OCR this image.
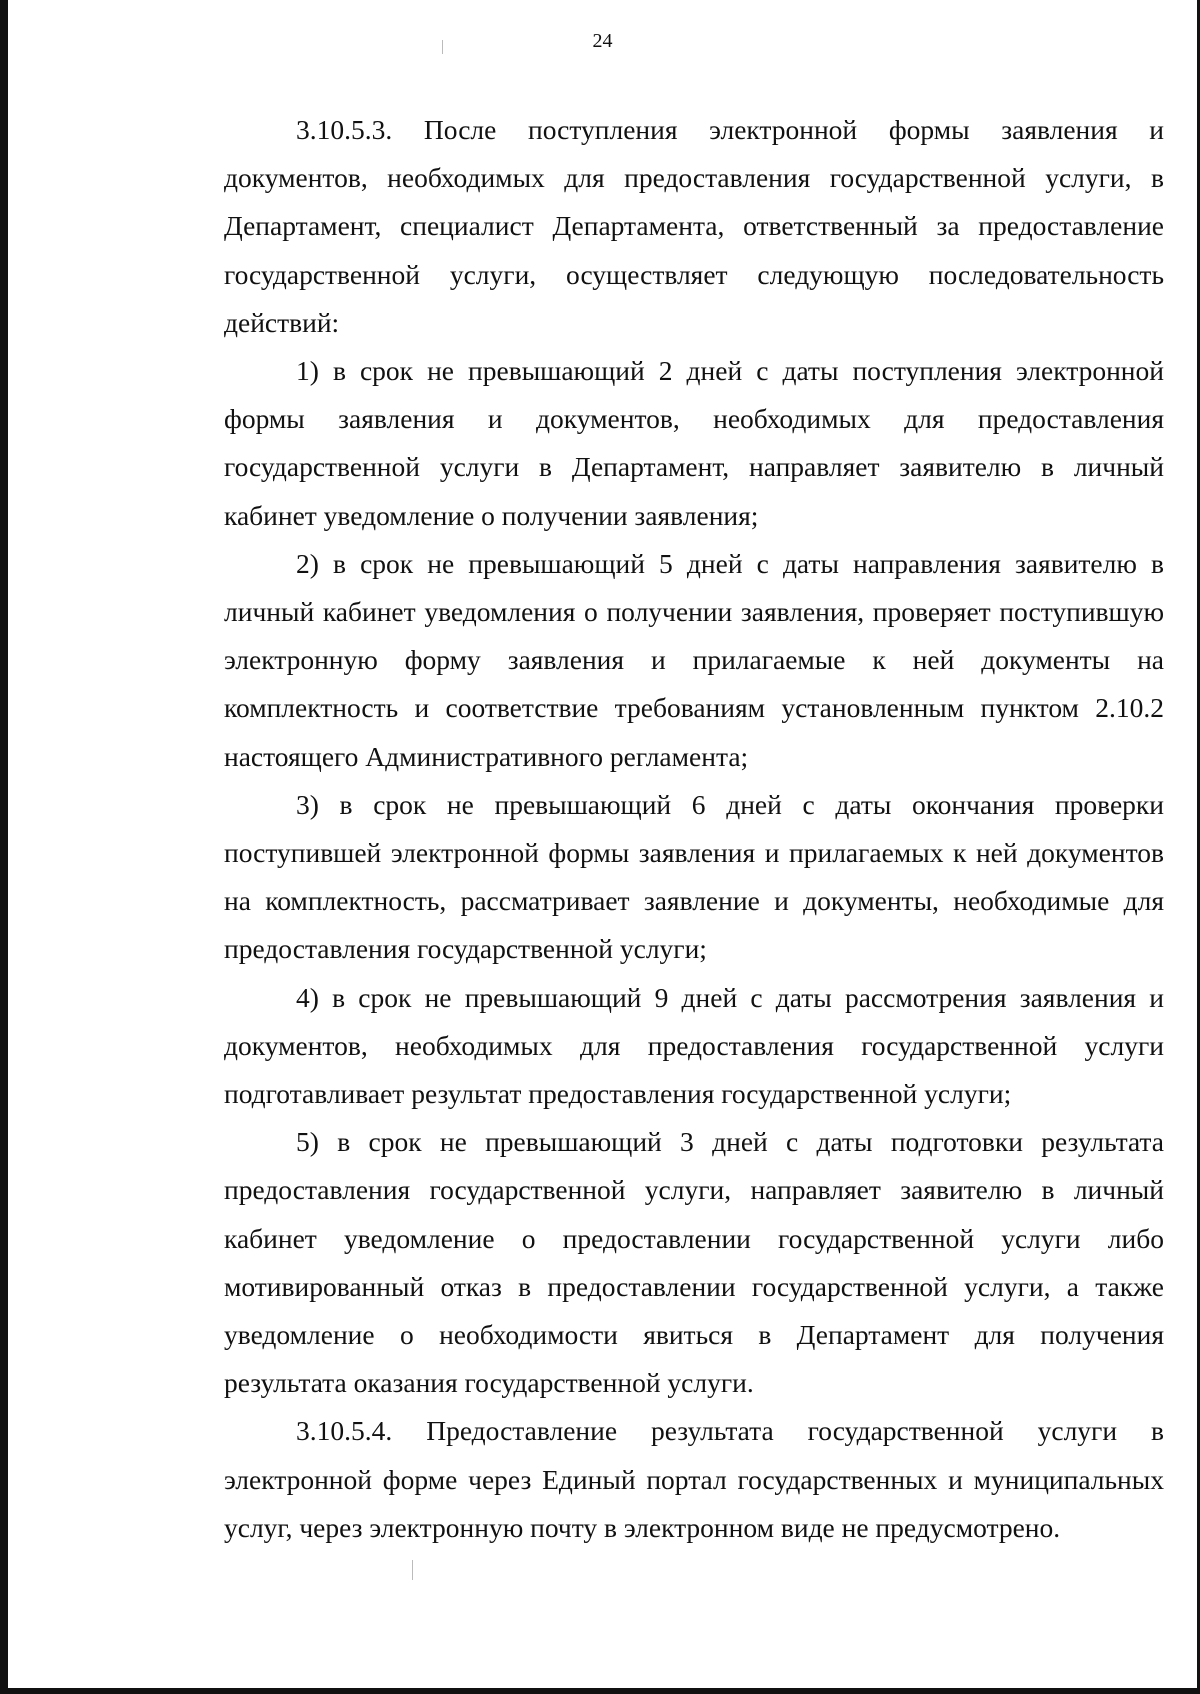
24

3.10.5.3. После поступления электронной формы заявления и документов, необходимых для предоставления государственной услуги, в Департамент, специалист Департамента, ответственный за предоставление государственной услуги, осуществляет следующую последовательность действий:

1) в срок не превышающий 2 дней с даты поступления электронной формы заявления и документов, необходимых для предоставления государственной услуги в Департамент, направляет заявителю в личный кабинет уведомление о получении заявления;

2) в срок не превышающий 5 дней с даты направления заявителю в личный кабинет уведомления о получении заявления, проверяет поступившую электронную форму заявления и прилагаемые к ней документы на комплектность и соответствие требованиям установленным пунктом 2.10.2 настоящего Административного регламента;

3) в срок не превышающий 6 дней с даты окончания проверки поступившей электронной формы заявления и прилагаемых к ней документов на комплектность, рассматривает заявление и документы, необходимые для предоставления государственной услуги;

4) в срок не превышающий 9 дней с даты рассмотрения заявления и документов, необходимых для предоставления государственной услуги подготавливает результат предоставления государственной услуги;

5) в срок не превышающий 3 дней с даты подготовки результата предоставления государственной услуги, направляет заявителю в личный кабинет уведомление о предоставлении государственной услуги либо мотивированный отказ в предоставлении государственной услуги, а также уведомление о необходимости явиться в Департамент для получения результата оказания государственной услуги.

3.10.5.4. Предоставление результата государственной услуги в электронной форме через Единый портал государственных и муниципальных услуг, через электронную почту в электронном виде не предусмотрено.
